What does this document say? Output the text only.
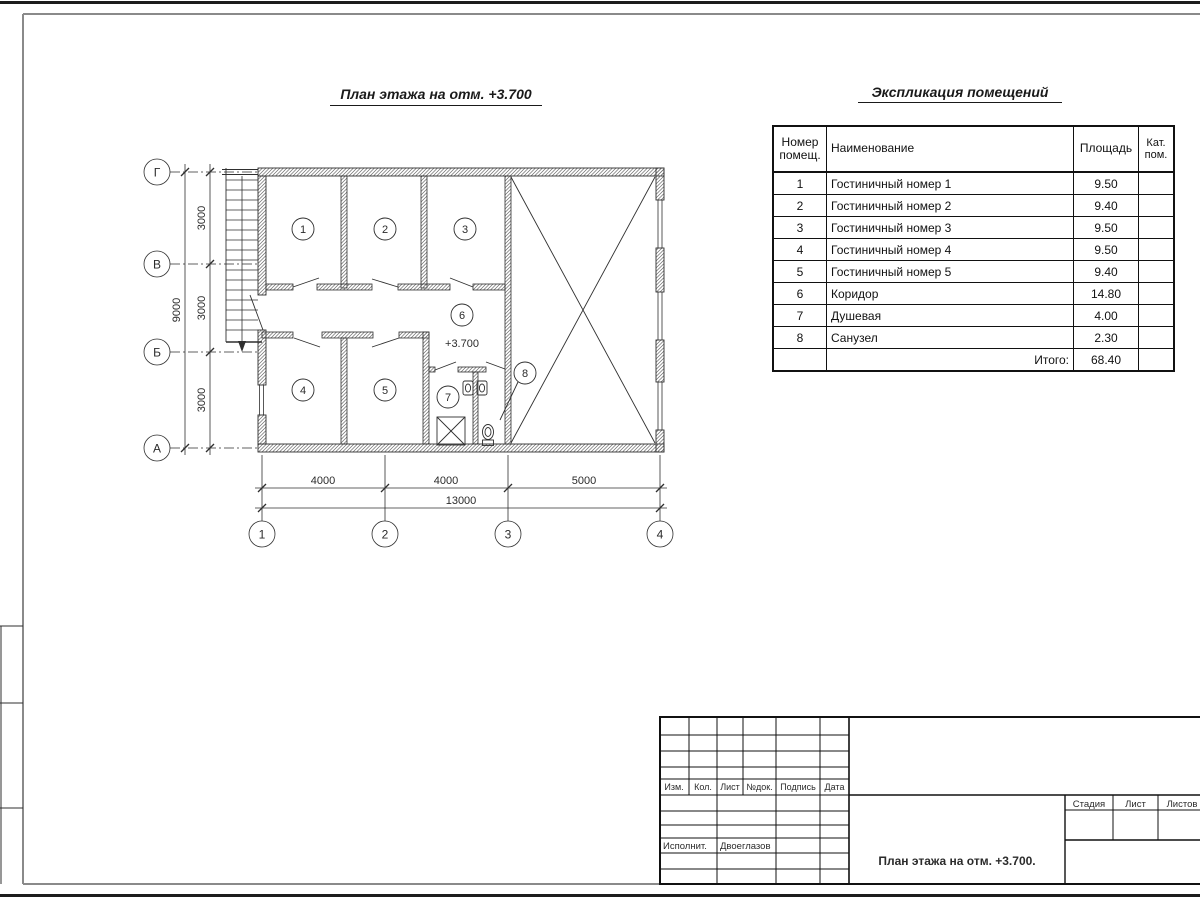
План этажа на отм. +3.700	Экспликация помещений
Номер помещ.	Наименование	Площадь	Кат. пом.
1	Гостиничный номер 1	9.50	
2	Гостиничный номер 2	9.40	
3	Гостиничный номер 3	9.50	
4	Гостиничный номер 4	9.50	
5	Гостиничный номер 5	9.40	
6	Коридор	14.80	
7	Душевая	4.00	
8	Санузел	2.30	
	Итого:	68.40	
1	2	3
4	5
6
7
8
+3.700
Г
В
Б
А
3000
3000
3000
9000
4000	4000	5000
13000
1	2	3	4
Изм. Кол. Лист №док. Подпись Дата
Исполнит. Двоеглазов
Стадия Лист Листов
План этажа на отм. +3.700.
